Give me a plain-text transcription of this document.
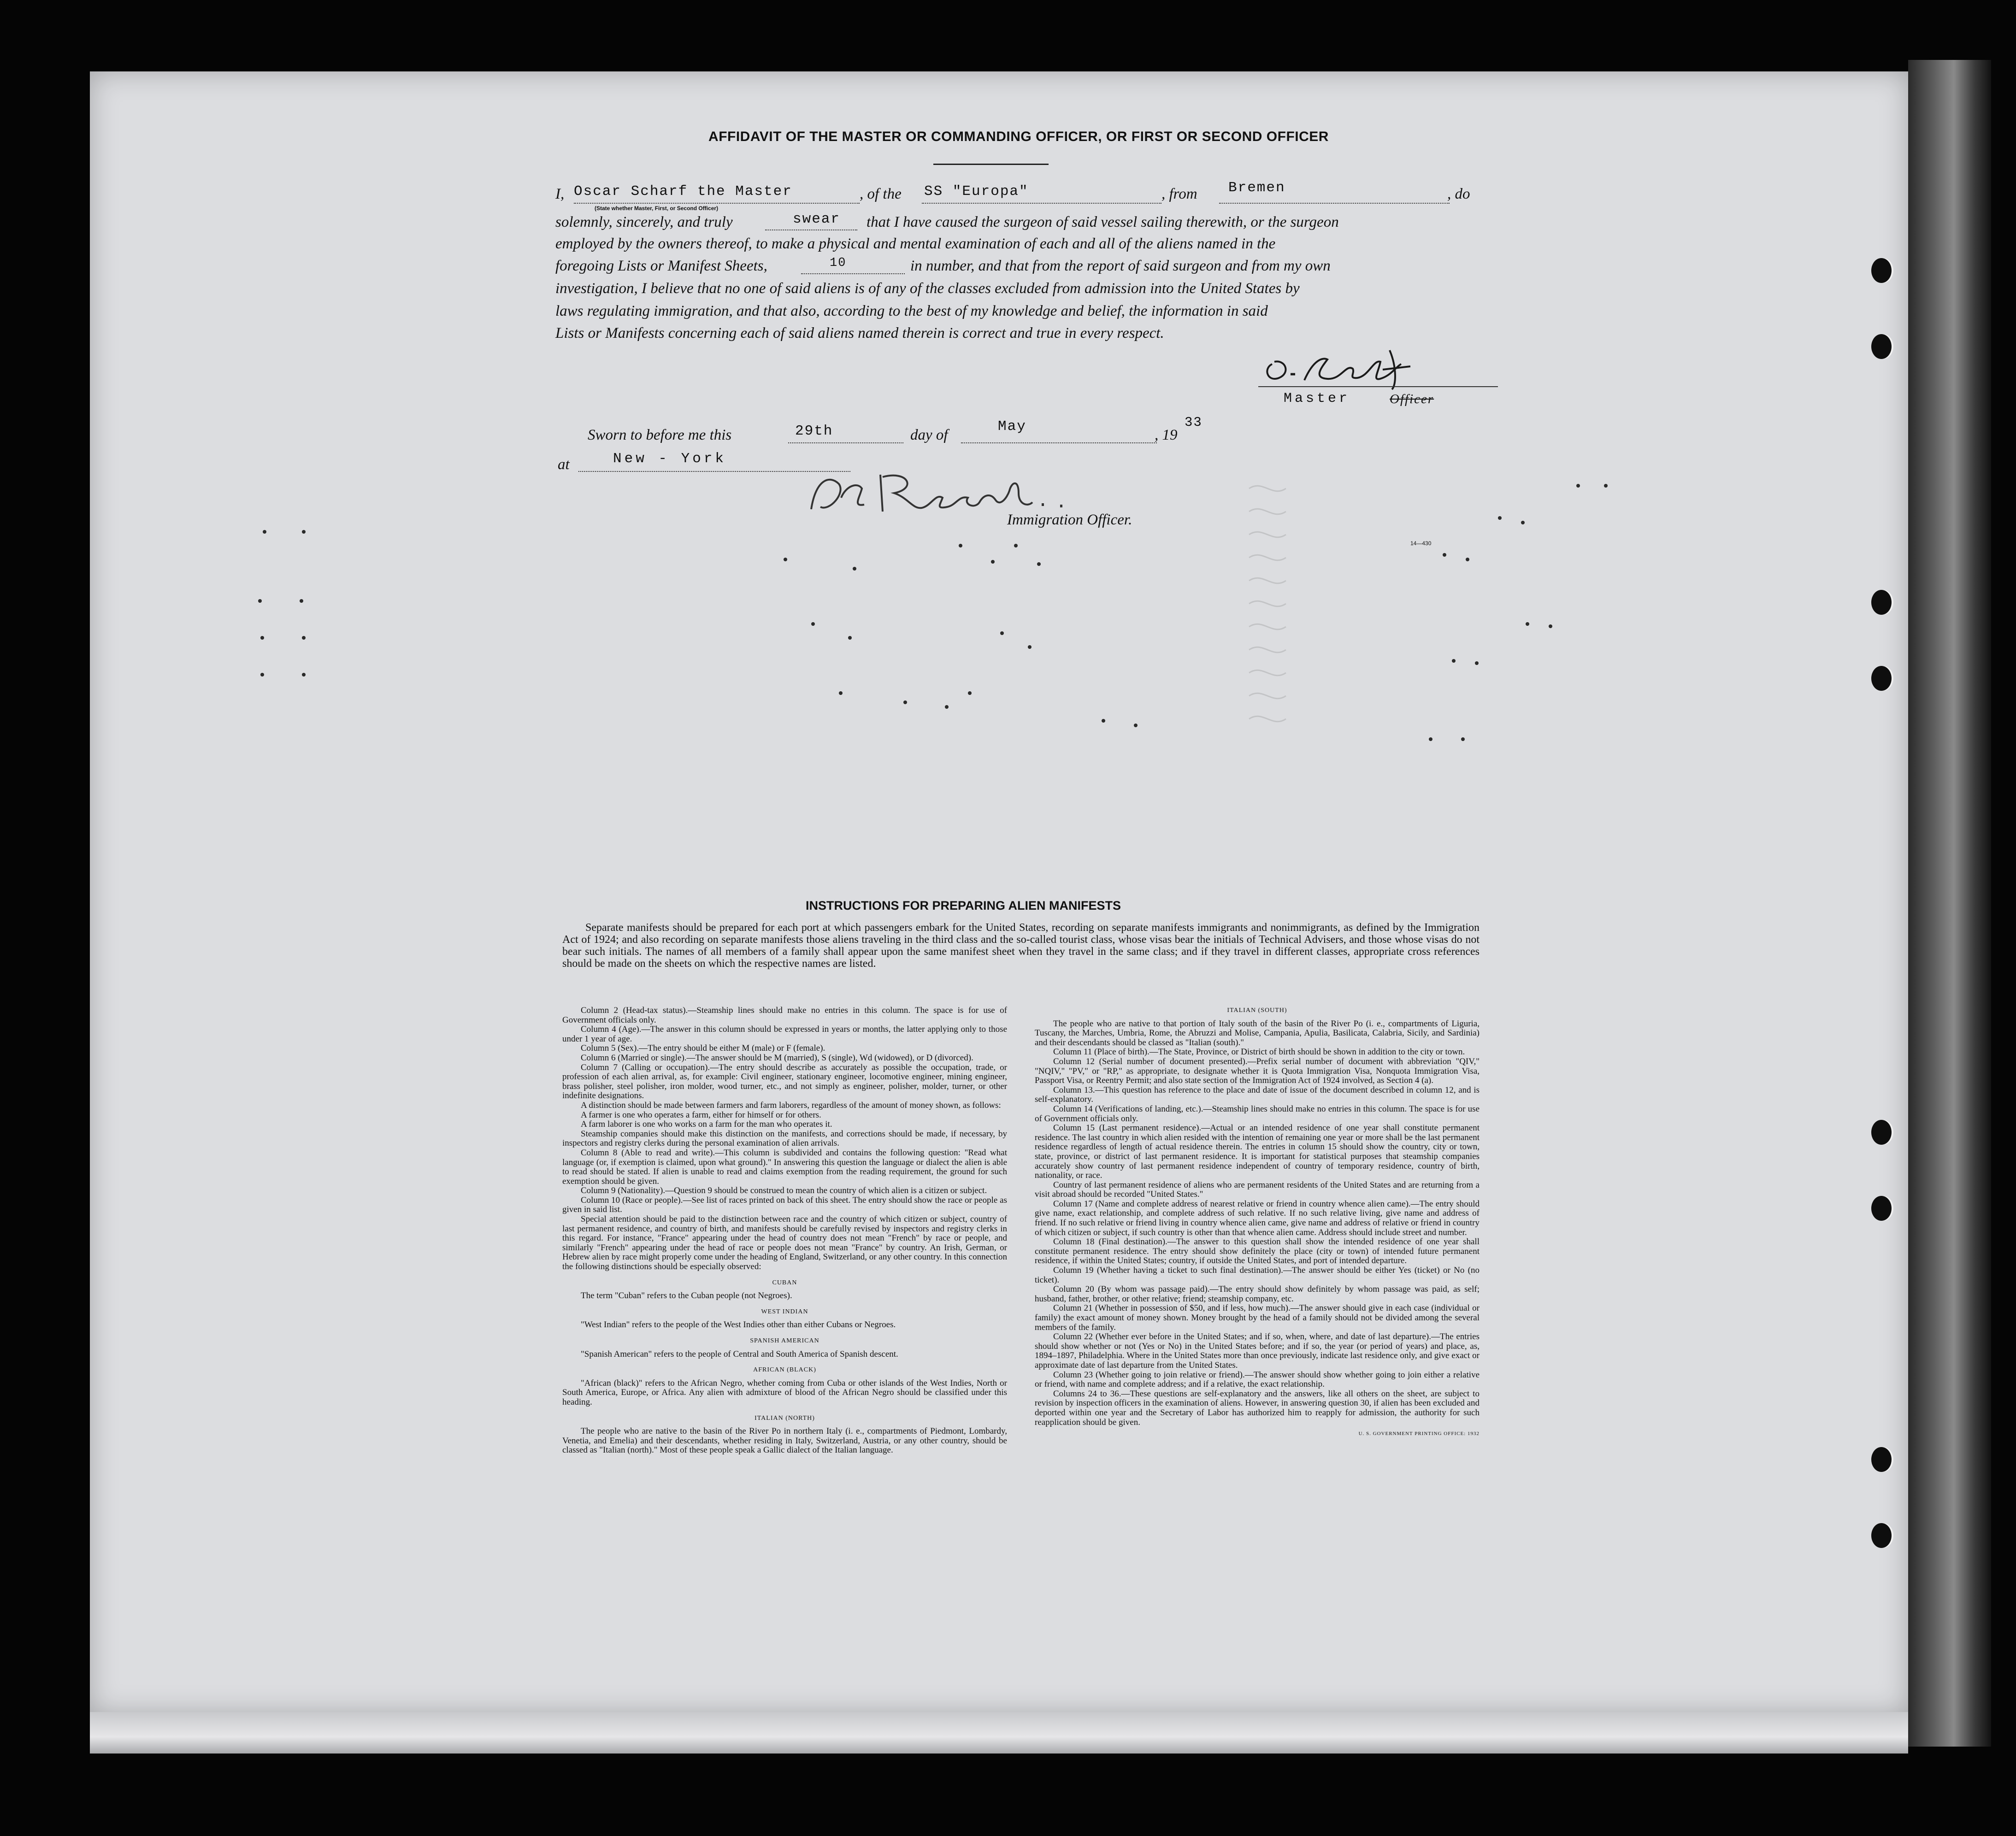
AFFIDAVIT OF THE MASTER OR COMMANDING OFFICER, OR FIRST OR SECOND OFFICER
I, Oscar Scharf the Master
(State whether Master, First, or Second Officer)
, of the	SS "Europa"	, from	Bremen	, do
solemnly, sincerely, and truly	swear that I have caused the surgeon of said vessel sailing therewith, or the surgeon
employed by the owners thereof, to make a physical and mental examination of each and all of the aliens named in the
foregoing Lists or Manifest Sheets,	10	in number, and that from the report of said surgeon and from my own
investigation, I believe that no one of said aliens is of any of the classes excluded from admission into the United States by
laws regulating immigration, and that also, according to the best of my knowledge and belief, the information in said
Lists or Manifests concerning each of said aliens named therein is correct and true in every respect.
Master	Officer
Sworn to before me this	29th	day of
May
, 19
33
at	New - York
Immigration Officer.
14—430
INSTRUCTIONS FOR PREPARING ALIEN MANIFESTS
Separate manifests should be prepared for each port at which passengers embark for the United States, recording on separate manifests immigrants and nonimmigrants, as defined by the Immigration Act of 1924; and also recording on separate manifests those aliens traveling in the third class and the so-called tourist class, whose visas bear the initials of Technical Advisers, and those whose visas do not bear such initials. The names of all members of a family shall appear upon the same manifest sheet when they travel in the same class; and if they travel in different classes, appropriate cross references should be made on the sheets on which the respective names are listed.

Column 2 (Head-tax status).—Steamship lines should make no entries in this column. The space is for use of Government officials only.

Column 4 (Age).—The answer in this column should be expressed in years or months, the latter applying only to those under 1 year of age.

Column 5 (Sex).—The entry should be either M (male) or F (female).

Column 6 (Married or single).—The answer should be M (married), S (single), Wd (widowed), or D (divorced).

Column 7 (Calling or occupation).—The entry should describe as accurately as possible the occupation, trade, or profession of each alien arrival, as, for example: Civil engineer, stationary engineer, locomotive engineer, mining engineer, brass polisher, steel polisher, iron molder, wood turner, etc., and not simply as engineer, polisher, molder, turner, or other indefinite designations.

A distinction should be made between farmers and farm laborers, regardless of the amount of money shown, as follows:

A farmer is one who operates a farm, either for himself or for others.

A farm laborer is one who works on a farm for the man who operates it.

Steamship companies should make this distinction on the manifests, and corrections should be made, if necessary, by inspectors and registry clerks during the personal examination of alien arrivals.

Column 8 (Able to read and write).—This column is subdivided and contains the following question: "Read what language (or, if exemption is claimed, upon what ground)." In answering this question the language or dialect the alien is able to read should be stated. If alien is unable to read and claims exemption from the reading requirement, the ground for such exemption should be given.

Column 9 (Nationality).—Question 9 should be construed to mean the country of which alien is a citizen or subject.

Column 10 (Race or people).—See list of races printed on back of this sheet. The entry should show the race or people as given in said list.

Special attention should be paid to the distinction between race and the country of which citizen or subject, country of last permanent residence, and country of birth, and manifests should be carefully revised by inspectors and registry clerks in this regard. For instance, "France" appearing under the head of country does not mean "French" by race or people, and similarly "French" appearing under the head of race or people does not mean "France" by country. An Irish, German, or Hebrew alien by race might properly come under the heading of England, Switzerland, or any other country. In this connection the following distinctions should be especially observed:

CUBAN

The term "Cuban" refers to the Cuban people (not Negroes).

WEST INDIAN

"West Indian" refers to the people of the West Indies other than either Cubans or Negroes.

SPANISH AMERICAN

"Spanish American" refers to the people of Central and South America of Spanish descent.

AFRICAN (BLACK)

"African (black)" refers to the African Negro, whether coming from Cuba or other islands of the West Indies, North or South America, Europe, or Africa. Any alien with admixture of blood of the African Negro should be classified under this heading.

ITALIAN (NORTH)

The people who are native to the basin of the River Po in northern Italy (i. e., compartments of Piedmont, Lombardy, Venetia, and Emelia) and their descendants, whether residing in Italy, Switzerland, Austria, or any other country, should be classed as "Italian (north)." Most of these people speak a Gallic dialect of the Italian language.

ITALIAN (SOUTH)

The people who are native to that portion of Italy south of the basin of the River Po (i. e., compartments of Liguria, Tuscany, the Marches, Umbria, Rome, the Abruzzi and Molise, Campania, Apulia, Basilicata, Calabria, Sicily, and Sardinia) and their descendants should be classed as "Italian (south)."

Column 11 (Place of birth).—The State, Province, or District of birth should be shown in addition to the city or town.

Column 12 (Serial number of document presented).—Prefix serial number of document with abbreviation "QIV," "NQIV," "PV," or "RP," as appropriate, to designate whether it is Quota Immigration Visa, Nonquota Immigration Visa, Passport Visa, or Reentry Permit; and also state section of the Immigration Act of 1924 involved, as Section 4 (a).

Column 13.—This question has reference to the place and date of issue of the document described in column 12, and is self-explanatory.

Column 14 (Verifications of landing, etc.).—Steamship lines should make no entries in this column. The space is for use of Government officials only.

Column 15 (Last permanent residence).—Actual or an intended residence of one year shall constitute permanent residence. The last country in which alien resided with the intention of remaining one year or more shall be the last permanent residence regardless of length of actual residence therein. The entries in column 15 should show the country, city or town, state, province, or district of last permanent residence. It is important for statistical purposes that steamship companies accurately show country of last permanent residence independent of country of temporary residence, country of birth, nationality, or race.

Country of last permanent residence of aliens who are permanent residents of the United States and are returning from a visit abroad should be recorded "United States."

Column 17 (Name and complete address of nearest relative or friend in country whence alien came).—The entry should give name, exact relationship, and complete address of such relative. If no such relative living, give name and address of friend. If no such relative or friend living in country whence alien came, give name and address of relative or friend in country of which citizen or subject, if such country is other than that whence alien came. Address should include street and number.

Column 18 (Final destination).—The answer to this question shall show the intended residence of one year shall constitute permanent residence. The entry should show definitely the place (city or town) of intended future permanent residence, if within the United States; country, if outside the United States, and port of intended departure.

Column 19 (Whether having a ticket to such final destination).—The answer should be either Yes (ticket) or No (no ticket).

Column 20 (By whom was passage paid).—The entry should show definitely by whom passage was paid, as self; husband, father, brother, or other relative; friend; steamship company, etc.

Column 21 (Whether in possession of $50, and if less, how much).—The answer should give in each case (individual or family) the exact amount of money shown. Money brought by the head of a family should not be divided among the several members of the family.

Column 22 (Whether ever before in the United States; and if so, when, where, and date of last departure).—The entries should show whether or not (Yes or No) in the United States before; and if so, the year (or period of years) and place, as, 1894–1897, Philadelphia. Where in the United States more than once previously, indicate last residence only, and give exact or approximate date of last departure from the United States.

Column 23 (Whether going to join relative or friend).—The answer should show whether going to join either a relative or friend, with name and complete address; and if a relative, the exact relationship.

Columns 24 to 36.—These questions are self-explanatory and the answers, like all others on the sheet, are subject to revision by inspection officers in the examination of aliens. However, in answering question 30, if alien has been excluded and deported within one year and the Secretary of Labor has authorized him to reapply for admission, the authority for such reapplication should be given.

U. S. GOVERNMENT PRINTING OFFICE: 1932
